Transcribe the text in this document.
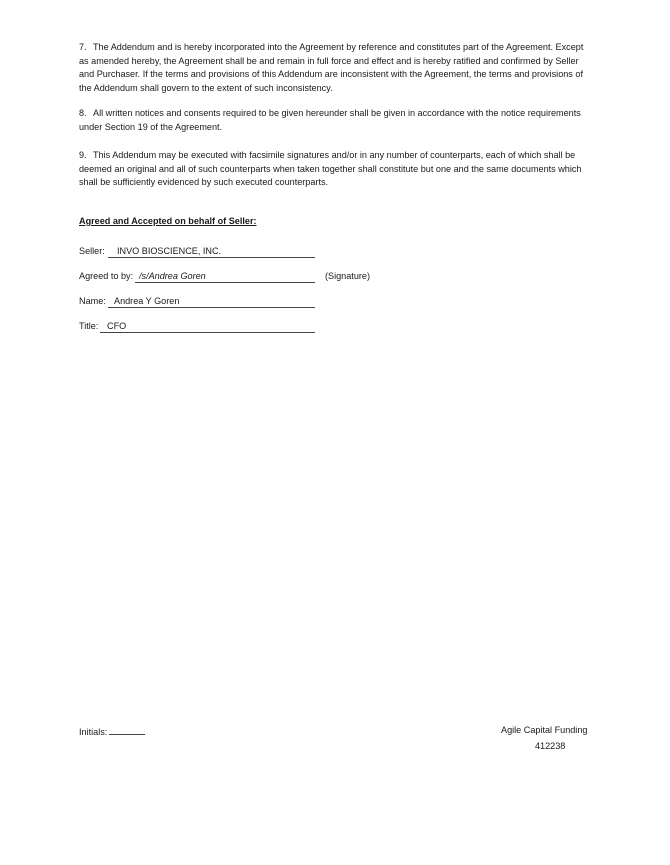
7. The Addendum and is hereby incorporated into the Agreement by reference and constitutes part of the Agreement. Except as amended hereby, the Agreement shall be and remain in full force and effect and is hereby ratified and confirmed by Seller and Purchaser. If the terms and provisions of this Addendum are inconsistent with the Agreement, the terms and provisions of the Addendum shall govern to the extent of such inconsistency.
8. All written notices and consents required to be given hereunder shall be given in accordance with the notice requirements under Section 19 of the Agreement.
9. This Addendum may be executed with facsimile signatures and/or in any number of counterparts, each of which shall be deemed an original and all of such counterparts when taken together shall constitute but one and the same documents which shall be sufficiently evidenced by such executed counterparts.
Agreed and Accepted on behalf of Seller:
Seller: INVO BIOSCIENCE, INC.
Agreed to by: /s/Andrea Goren	(Signature)
Name: Andrea Y Goren
Title: CFO
Initials:	Agile Capital Funding
412238
